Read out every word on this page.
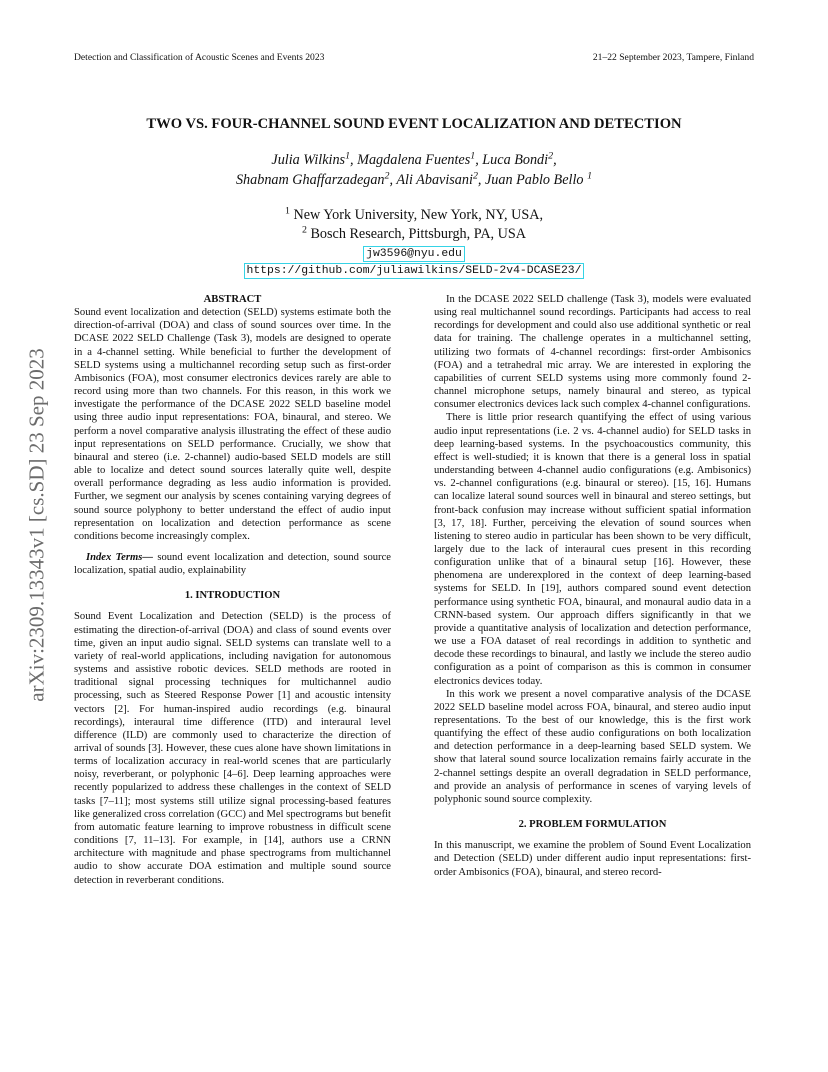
Detection and Classification of Acoustic Scenes and Events 2023	21–22 September 2023, Tampere, Finland
arXiv:2309.13343v1 [cs.SD] 23 Sep 2023
TWO VS. FOUR-CHANNEL SOUND EVENT LOCALIZATION AND DETECTION
Julia Wilkins$^1$, Magdalena Fuentes$^1$, Luca Bondi$^2$,
Shabnam Ghaffarzadegan$^2$, Ali Abavisani$^2$, Juan Pablo Bello $^1$
$^1$ New York University, New York, NY, USA,
$^2$ Bosch Research, Pittsburgh, PA, USA
jw3596@nyu.edu
https://github.com/juliawilkins/SELD-2v4-DCASE23/

ABSTRACT

Sound event localization and detection (SELD) systems estimate both the direction-of-arrival (DOA) and class of sound sources over time. In the DCASE 2022 SELD Challenge (Task 3), models are designed to operate in a 4-channel setting. While beneficial to further the development of SELD systems using a multichannel recording setup such as first-order Ambisonics (FOA), most consumer electronics devices rarely are able to record using more than two channels. For this reason, in this work we investigate the performance of the DCASE 2022 SELD baseline model using three audio input representations: FOA, binaural, and stereo. We perform a novel comparative analysis illustrating the effect of these audio input representations on SELD performance. Crucially, we show that binaural and stereo (i.e. 2-channel) audio-based SELD models are still able to localize and detect sound sources laterally quite well, despite overall performance degrading as less audio information is provided. Further, we segment our analysis by scenes containing varying degrees of sound source polyphony to better understand the effect of audio input representation on localization and detection performance as scene conditions become increasingly complex.

Index Terms— sound event localization and detection, sound source localization, spatial audio, explainability

1. INTRODUCTION

Sound Event Localization and Detection (SELD) is the process of estimating the direction-of-arrival (DOA) and class of sound events over time, given an input audio signal. SELD systems can translate well to a variety of real-world applications, including navigation for autonomous systems and assistive robotic devices. SELD methods are rooted in traditional signal processing techniques for multichannel audio processing, such as Steered Response Power [1] and acoustic intensity vectors [2]. For human-inspired audio recordings (e.g. binaural recordings), interaural time difference (ITD) and interaural level difference (ILD) are commonly used to characterize the direction of arrival of sounds [3]. However, these cues alone have shown limitations in terms of localization accuracy in real-world scenes that are particularly noisy, reverberant, or polyphonic [4–6]. Deep learning approaches were recently popularized to address these challenges in the context of SELD tasks [7–11]; most systems still utilize signal processing-based features like generalized cross correlation (GCC) and Mel spectrograms but benefit from automatic feature learning to improve robustness in difficult scene conditions [7, 11–13]. For example, in [14], authors use a CRNN architecture with magnitude and phase spectrograms from multichannel audio to show accurate DOA estimation and multiple sound source detection in reverberant conditions.

In the DCASE 2022 SELD challenge (Task 3), models were evaluated using real multichannel sound recordings. Participants had access to real recordings for development and could also use additional synthetic or real data for training. The challenge operates in a multichannel setting, utilizing two formats of 4-channel recordings: first-order Ambisonics (FOA) and a tetrahedral mic array. We are interested in exploring the capabilities of current SELD systems using more commonly found 2-channel microphone setups, namely binaural and stereo, as typical consumer electronics devices lack such complex 4-channel configurations.

There is little prior research quantifying the effect of using various audio input representations (i.e. 2 vs. 4-channel audio) for SELD tasks in deep learning-based systems. In the psychoacoustics community, this effect is well-studied; it is known that there is a general loss in spatial understanding between 4-channel audio configurations (e.g. Ambisonics) vs. 2-channel configurations (e.g. binaural or stereo). [15, 16]. Humans can localize lateral sound sources well in binaural and stereo settings, but front-back confusion may increase without sufficient spatial information [3, 17, 18]. Further, perceiving the elevation of sound sources when listening to stereo audio in particular has been shown to be very difficult, largely due to the lack of interaural cues present in this recording configuration unlike that of a binaural setup [16]. However, these phenomena are underexplored in the context of deep learning-based systems for SELD. In [19], authors compared sound event detection performance using synthetic FOA, binaural, and monaural audio data in a CRNN-based system. Our approach differs significantly in that we provide a quantitative analysis of localization and detection performance, we use a FOA dataset of real recordings in addition to synthetic and decode these recordings to binaural, and lastly we include the stereo audio configuration as a point of comparison as this is common in consumer electronics devices today.

In this work we present a novel comparative analysis of the DCASE 2022 SELD baseline model across FOA, binaural, and stereo audio input representations. To the best of our knowledge, this is the first work quantifying the effect of these audio configurations on both localization and detection performance in a deep-learning based SELD system. We show that lateral sound source localization remains fairly accurate in the 2-channel settings despite an overall degradation in SELD performance, and provide an analysis of performance in scenes of varying levels of polyphonic sound source complexity.

2. PROBLEM FORMULATION

In this manuscript, we examine the problem of Sound Event Localization and Detection (SELD) under different audio input representations: first-order Ambisonics (FOA), binaural, and stereo record-
